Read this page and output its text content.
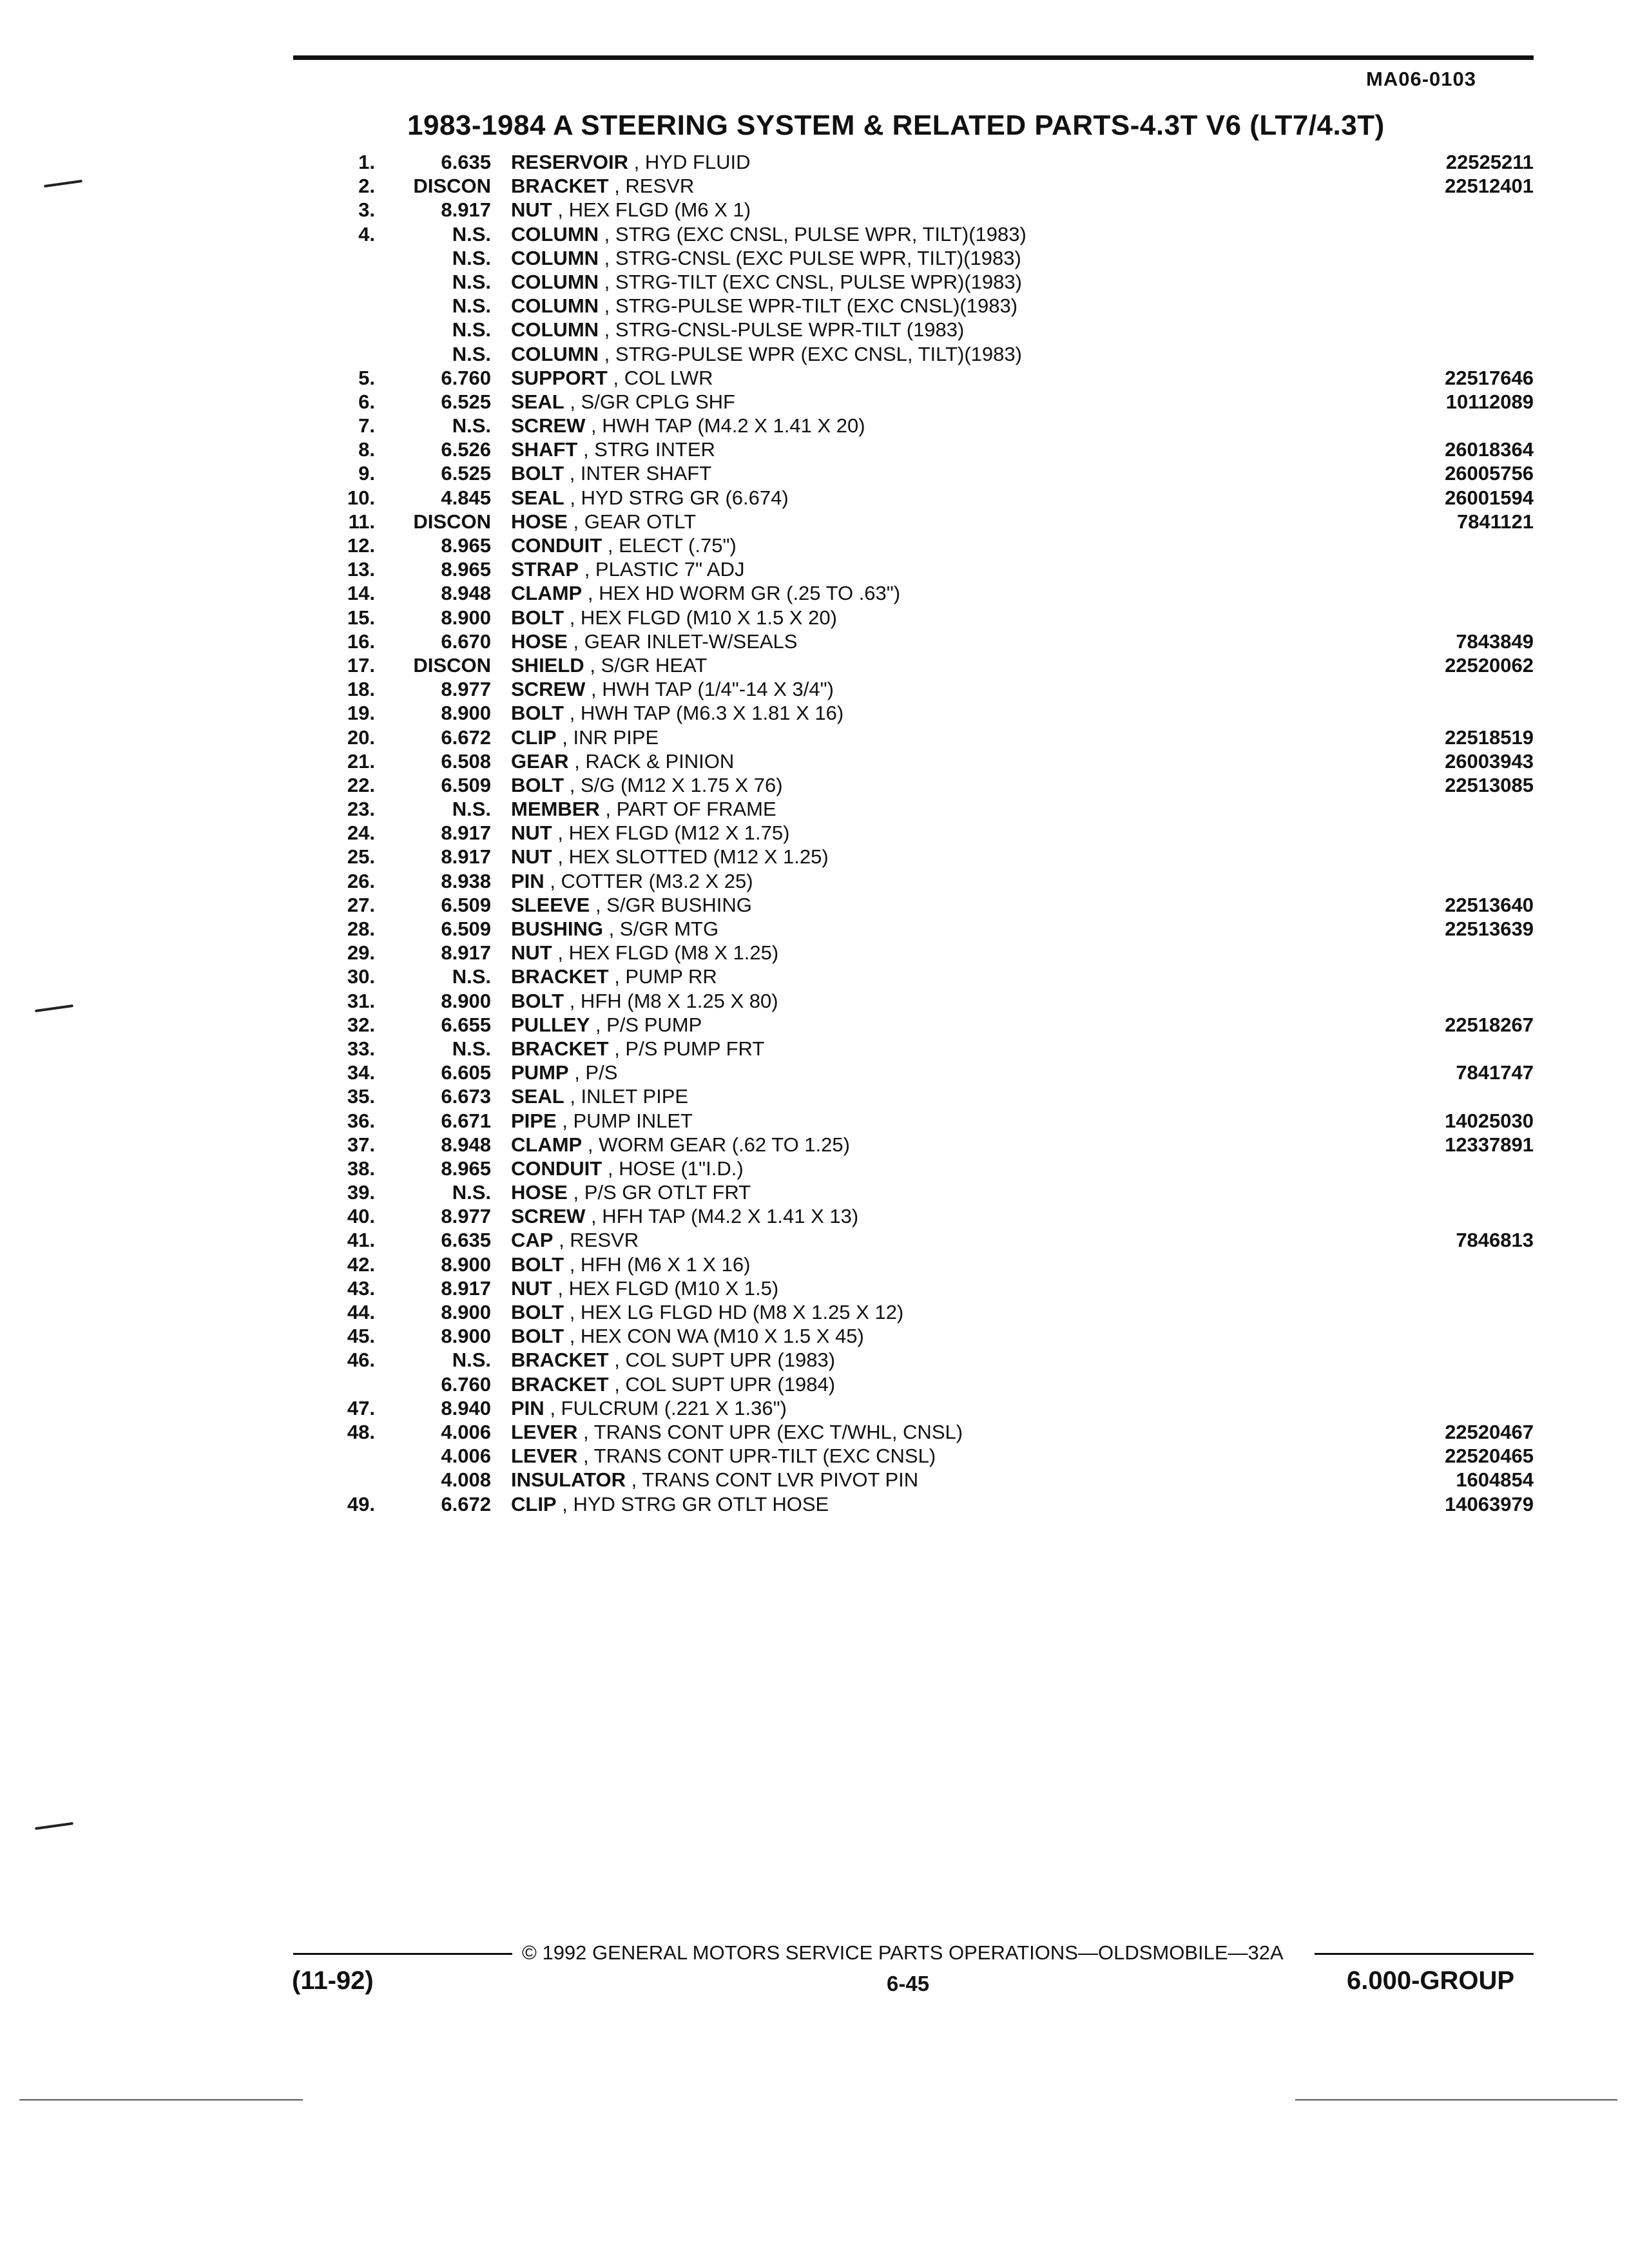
MA06-0103
1983-1984 A STEERING SYSTEM & RELATED PARTS-4.3T V6 (LT7/4.3T)
1.	6.635 RESERVOIR , HYD FLUID	22525211
2.	DISCON BRACKET , RESVR	22512401
3.	8.917 NUT , HEX FLGD (M6 X 1)
4.	N.S. COLUMN , STRG (EXC CNSL, PULSE WPR, TILT)(1983)
N.S. COLUMN , STRG-CNSL (EXC PULSE WPR, TILT)(1983)
N.S. COLUMN , STRG-TILT (EXC CNSL, PULSE WPR)(1983)
N.S. COLUMN , STRG-PULSE WPR-TILT (EXC CNSL)(1983)
N.S. COLUMN , STRG-CNSL-PULSE WPR-TILT (1983)
N.S. COLUMN , STRG-PULSE WPR (EXC CNSL, TILT)(1983)
5.	6.760 SUPPORT , COL LWR	22517646
6.	6.525 SEAL , S/GR CPLG SHF	10112089
7.	N.S. SCREW , HWH TAP (M4.2 X 1.41 X 20)
8.	6.526 SHAFT , STRG INTER	26018364
9.	6.525 BOLT , INTER SHAFT	26005756
10.	4.845 SEAL , HYD STRG GR (6.674)	26001594
11.	DISCON HOSE , GEAR OTLT	7841121
12.	8.965 CONDUIT , ELECT (.75")
13.	8.965 STRAP , PLASTIC 7" ADJ
14.	8.948 CLAMP , HEX HD WORM GR (.25 TO .63")
15.	8.900 BOLT , HEX FLGD (M10 X 1.5 X 20)
16.	6.670 HOSE , GEAR INLET-W/SEALS	7843849
17.	DISCON SHIELD , S/GR HEAT	22520062
18.	8.977 SCREW , HWH TAP (1/4"-14 X 3/4")
19.	8.900 BOLT , HWH TAP (M6.3 X 1.81 X 16)
20.	6.672 CLIP , INR PIPE	22518519
21.	6.508 GEAR , RACK & PINION	26003943
22.	6.509 BOLT , S/G (M12 X 1.75 X 76)	22513085
23.	N.S. MEMBER , PART OF FRAME
24.	8.917 NUT , HEX FLGD (M12 X 1.75)
25.	8.917 NUT , HEX SLOTTED (M12 X 1.25)
26.	8.938 PIN , COTTER (M3.2 X 25)
27.	6.509 SLEEVE , S/GR BUSHING	22513640
28.	6.509 BUSHING , S/GR MTG	22513639
29.	8.917 NUT , HEX FLGD (M8 X 1.25)
30.	N.S. BRACKET , PUMP RR
31.	8.900 BOLT , HFH (M8 X 1.25 X 80)
32.	6.655 PULLEY , P/S PUMP	22518267
33.	N.S. BRACKET , P/S PUMP FRT
34.	6.605 PUMP , P/S	7841747
35.	6.673 SEAL , INLET PIPE
36.	6.671 PIPE , PUMP INLET	14025030
37.	8.948 CLAMP , WORM GEAR (.62 TO 1.25)	12337891
38.	8.965 CONDUIT , HOSE (1"I.D.)
39.	N.S. HOSE , P/S GR OTLT FRT
40.	8.977 SCREW , HFH TAP (M4.2 X 1.41 X 13)
41.	6.635 CAP , RESVR	7846813
42.	8.900 BOLT , HFH (M6 X 1 X 16)
43.	8.917 NUT , HEX FLGD (M10 X 1.5)
44.	8.900 BOLT , HEX LG FLGD HD (M8 X 1.25 X 12)
45.	8.900 BOLT , HEX CON WA (M10 X 1.5 X 45)
46.	N.S. BRACKET , COL SUPT UPR (1983)
6.760 BRACKET , COL SUPT UPR (1984)
47.	8.940 PIN , FULCRUM (.221 X 1.36")
48.	4.006 LEVER , TRANS CONT UPR (EXC T/WHL, CNSL)	22520467
4.006 LEVER , TRANS CONT UPR-TILT (EXC CNSL)	22520465
4.008 INSULATOR , TRANS CONT LVR PIVOT PIN	1604854
49.	6.672 CLIP , HYD STRG GR OTLT HOSE	14063979
© 1992 GENERAL MOTORS SERVICE PARTS OPERATIONS—OLDSMOBILE—32A
(11-92)	6-45	6.000-GROUP
